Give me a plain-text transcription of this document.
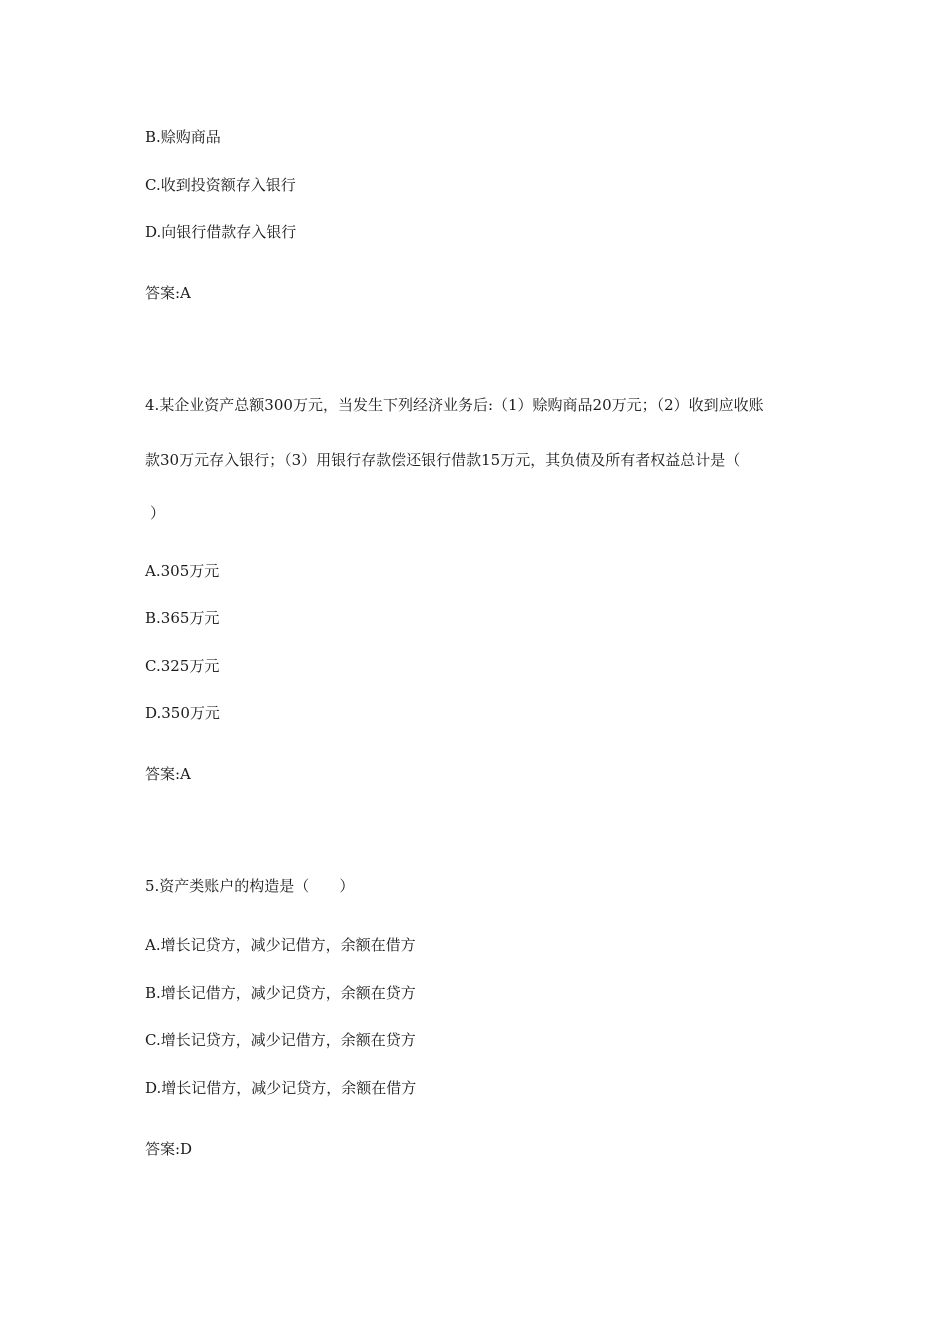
B.赊购商品
C.收到投资额存入银行
D.向银行借款存入银行
答案:A
4.某企业资产总额300万元，当发生下列经济业务后:（1）赊购商品20万元；（2）收到应收账
款30万元存入银行；（3）用银行存款偿还银行借款15万元，其负债及所有者权益总计是（
）
A.305万元
B.365万元
C.325万元
D.350万元
答案:A
5.资产类账户的构造是（　　）
A.增长记贷方，减少记借方，余额在借方
B.增长记借方，减少记贷方，余额在贷方
C.增长记贷方，减少记借方，余额在贷方
D.增长记借方，减少记贷方，余额在借方
答案:D
